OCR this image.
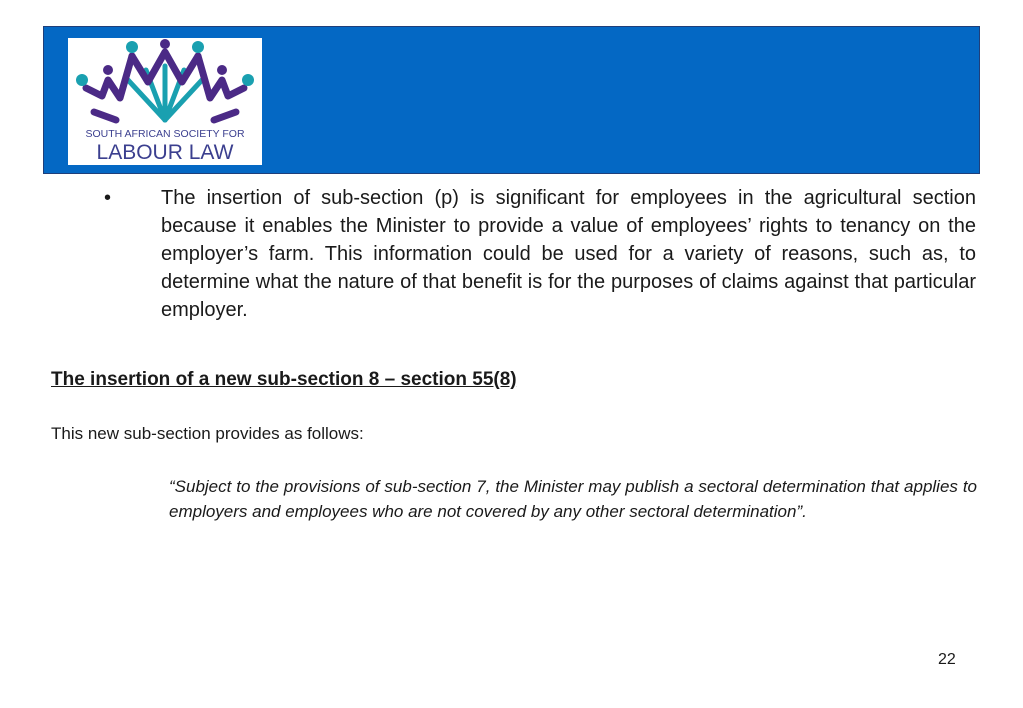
SOUTH AFRICAN SOCIETY FOR
LABOUR LAW
• The insertion of sub-section (p) is significant for employees in the agricultural section because it enables the Minister to provide a value of employees’ rights to tenancy on the employer’s farm. This information could be used for a variety of reasons, such as, to determine what the nature of that benefit is for the purposes of claims against that particular employer.
The insertion of a new sub-section 8 – section 55(8)
This new sub-section provides as follows:
“Subject to the provisions of sub-section 7, the Minister may publish a sectoral determination that applies to employers and employees who are not covered by any other sectoral determination”.
22
